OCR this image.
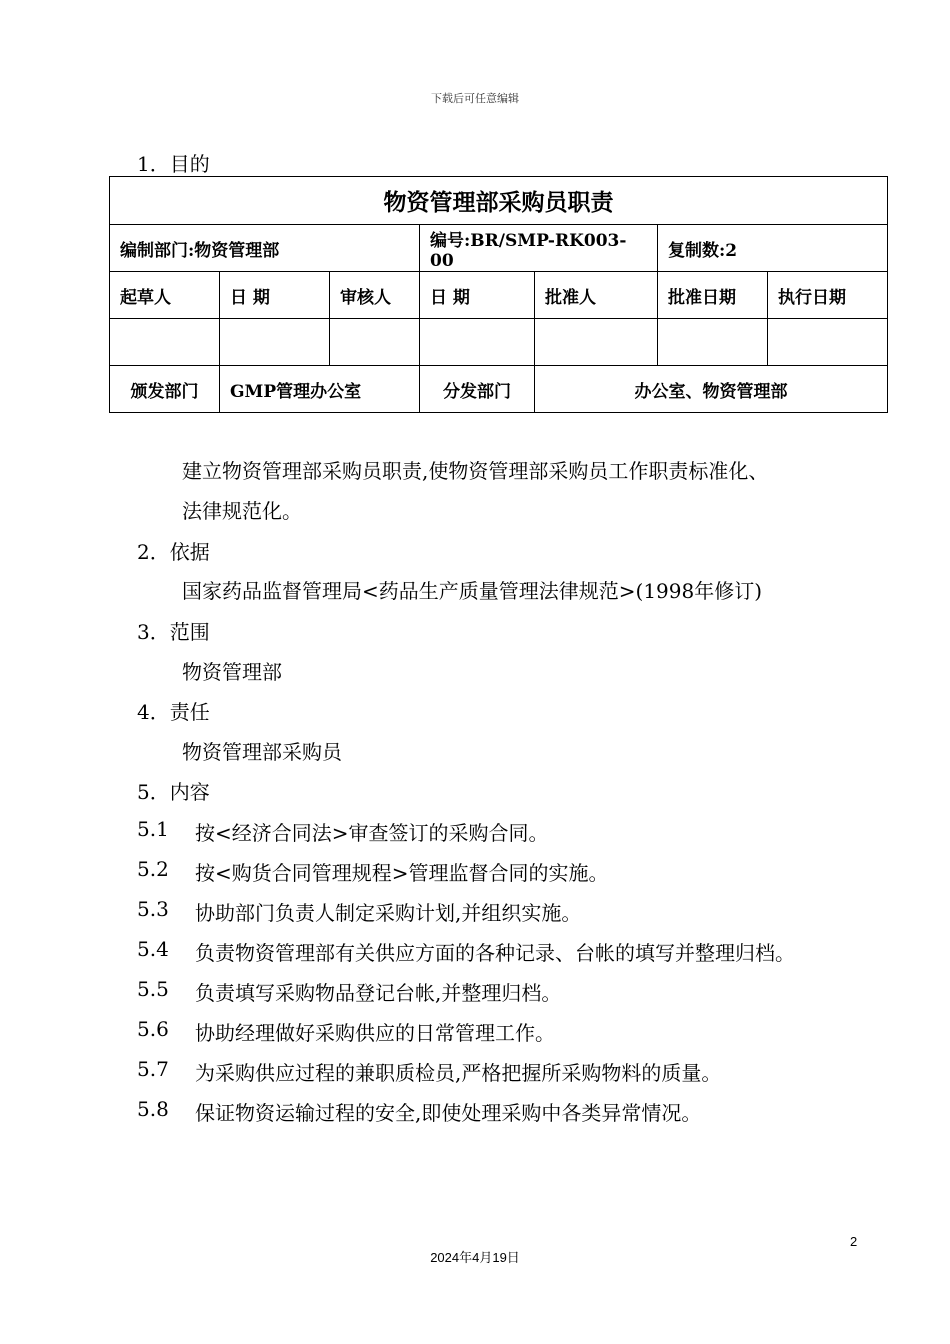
下载后可任意编辑
1．目的
物资管理部采购员职责						
编制部门:物资管理部			编号:BR/SMP-RK003-00		复制数:2	
起草人	日 期	审核人	日 期	批准人	批准日期	执行日期

颁发部门	GMP管理办公室		分发部门	办公室、物资管理部		
建立物资管理部采购员职责,使物资管理部采购员工作职责标准化、
法律规范化。
2．依据
国家药品监督管理局<药品生产质量管理法律规范>(1998年修订)
3．范围
物资管理部
4．责任
物资管理部采购员
5．内容
5.1 按<经济合同法>审查签订的采购合同。
5.2 按<购货合同管理规程>管理监督合同的实施。
5.3 协助部门负责人制定采购计划,并组织实施。
5.4 负责物资管理部有关供应方面的各种记录、台帐的填写并整理归档。
5.5 负责填写采购物品登记台帐,并整理归档。
5.6 协助经理做好采购供应的日常管理工作。
5.7 为采购供应过程的兼职质检员,严格把握所采购物料的质量。
5.8 保证物资运输过程的安全,即使处理采购中各类异常情况。
2
2024年4月19日
